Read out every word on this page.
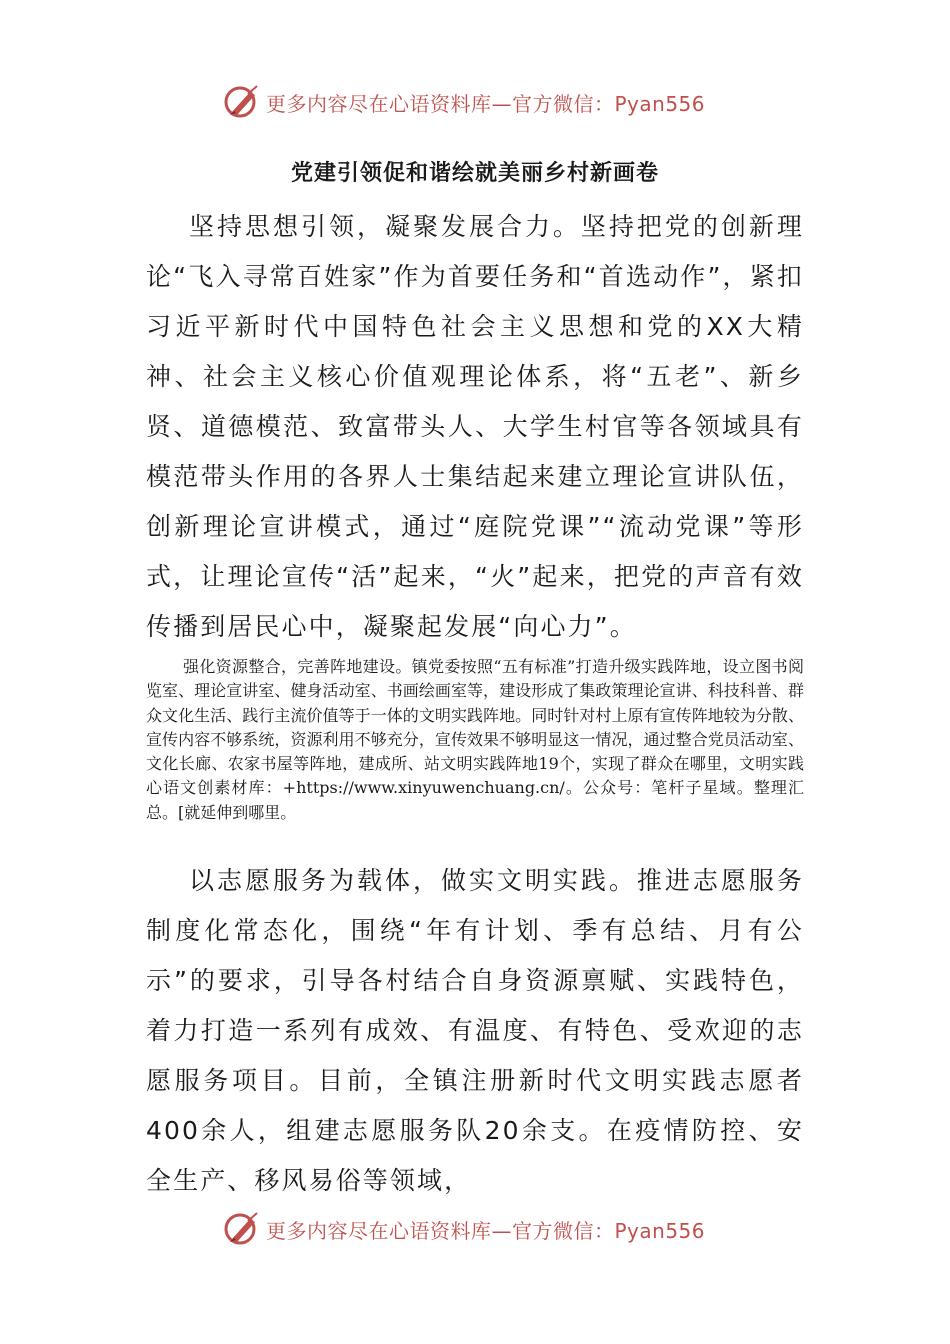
更多内容尽在心语资料库—官方微信：Pyan556
党建引领促和谐绘就美丽乡村新画卷

坚持思想引领，凝聚发展合力。坚持把党的创新理论“飞入寻常百姓家”作为首要任务和“首选动作”，紧扣习近平新时代中国特色社会主义思想和党的XX大精神、社会主义核心价值观理论体系，将“五老”、新乡贤、道德模范、致富带头人、大学生村官等各领域具有模范带头作用的各界人士集结起来建立理论宣讲队伍，创新理论宣讲模式，通过“庭院党课”“流动党课”等形式，让理论宣传“活”起来，“火”起来，把党的声音有效传播到居民心中，凝聚起发展“向心力”。

强化资源整合，完善阵地建设。镇党委按照“五有标准”打造升级实践阵地，设立图书阅览室、理论宣讲室、健身活动室、书画绘画室等，建设形成了集政策理论宣讲、科技科普、群众文化生活、践行主流价值等于一体的文明实践阵地。同时针对村上原有宣传阵地较为分散、宣传内容不够系统，资源利用不够充分，宣传效果不够明显这一情况，通过整合党员活动室、文化长廊、农家书屋等阵地，建成所、站文明实践阵地19个，实现了群众在哪里，文明实践心语文创素材库：+https://www.xinyuwenchuang.cn/。公众号：笔杆子星域。整理汇总。[就延伸到哪里。

以志愿服务为载体，做实文明实践。推进志愿服务制度化常态化，围绕“年有计划、季有总结、月有公示”的要求，引导各村结合自身资源禀赋、实践特色，着力打造一系列有成效、有温度、有特色、受欢迎的志愿服务项目。目前，全镇注册新时代文明实践志愿者400余人，组建志愿服务队20余支。在疫情防控、安全生产、移风易俗等领域，

更多内容尽在心语资料库—官方微信：Pyan556
